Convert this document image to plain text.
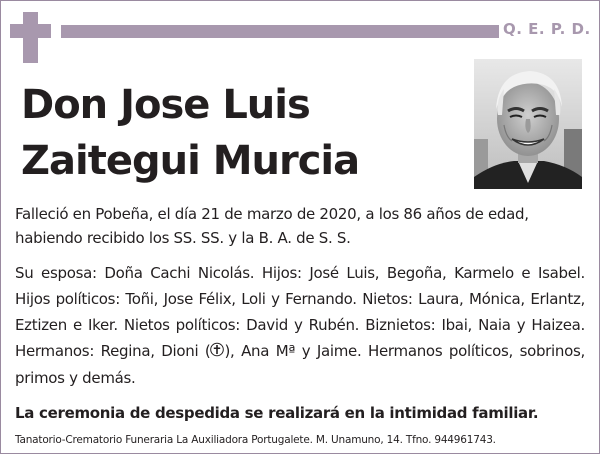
Q. E. P. D.
Don Jose Luis
Zaitegui Murcia

Falleció en Pobeña, el día 21 de marzo de 2020, a los 86 años de edad, habiendo recibido los SS. SS. y la B. A. de S. S.

Su esposa: Doña Cachi Nicolás. Hijos: José Luis, Begoña, Karmelo e Isabel. Hijos políticos: Toñi, Jose Félix, Loli y Fernando. Nietos: Laura, Mónica, Erlantz, Eztizen e Iker. Nietos políticos: David y Rubén. Biznietos: Ibai, Naia y Haizea. Hermanos: Regina, Dioni ( ), Ana Mª y Jaime. Hermanos políticos, sobrinos, primos y demás.

La ceremonia de despedida se realizará en la intimidad familiar.

Tanatorio-Crematorio Funeraria La Auxiliadora Portugalete. M. Unamuno, 14. Tfno. 944961743.
